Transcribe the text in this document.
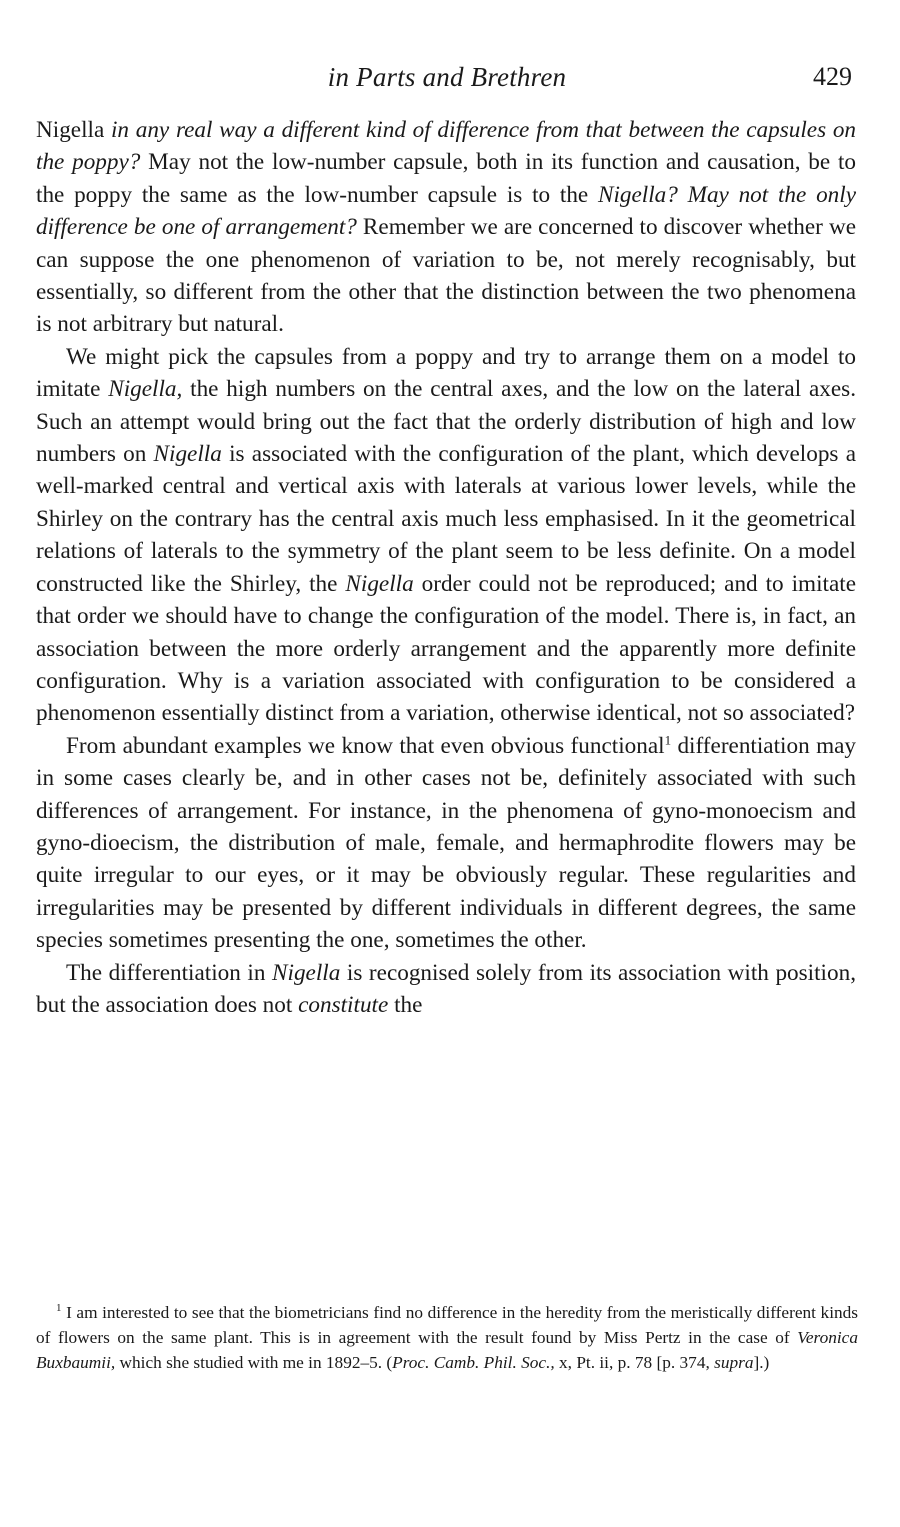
in Parts and Brethren	429

Nigella in any real way a different kind of difference from that between the capsules on the poppy? May not the low-number capsule, both in its function and causation, be to the poppy the same as the low-number capsule is to the Nigella? May not the only difference be one of arrangement? Remember we are concerned to discover whether we can suppose the one phenomenon of variation to be, not merely recognisably, but essentially, so different from the other that the distinction between the two phenomena is not arbitrary but natural.

We might pick the capsules from a poppy and try to arrange them on a model to imitate Nigella, the high numbers on the central axes, and the low on the lateral axes. Such an attempt would bring out the fact that the orderly distribution of high and low numbers on Nigella is associated with the configuration of the plant, which develops a well-marked central and vertical axis with laterals at various lower levels, while the Shirley on the contrary has the central axis much less emphasised. In it the geometrical relations of laterals to the symmetry of the plant seem to be less definite. On a model constructed like the Shirley, the Nigella order could not be reproduced; and to imitate that order we should have to change the configuration of the model. There is, in fact, an association between the more orderly arrangement and the apparently more definite configuration. Why is a variation associated with configuration to be considered a phenomenon essentially distinct from a variation, otherwise identical, not so associated?

From abundant examples we know that even obvious functional$^1$ differentiation may in some cases clearly be, and in other cases not be, definitely associated with such differences of arrangement. For instance, in the phenomena of gyno-monoecism and gyno-dioecism, the distribution of male, female, and hermaphrodite flowers may be quite irregular to our eyes, or it may be obviously regular. These regularities and irregularities may be presented by different individuals in different degrees, the same species sometimes presenting the one, sometimes the other.

The differentiation in Nigella is recognised solely from its association with position, but the association does not constitute the

$^1$ I am interested to see that the biometricians find no difference in the heredity from the meristically different kinds of flowers on the same plant. This is in agreement with the result found by Miss Pertz in the case of Veronica Buxbaumii, which she studied with me in 1892–5. (Proc. Camb. Phil. Soc., x, Pt. ii, p. 78 [p. 374, supra].)
